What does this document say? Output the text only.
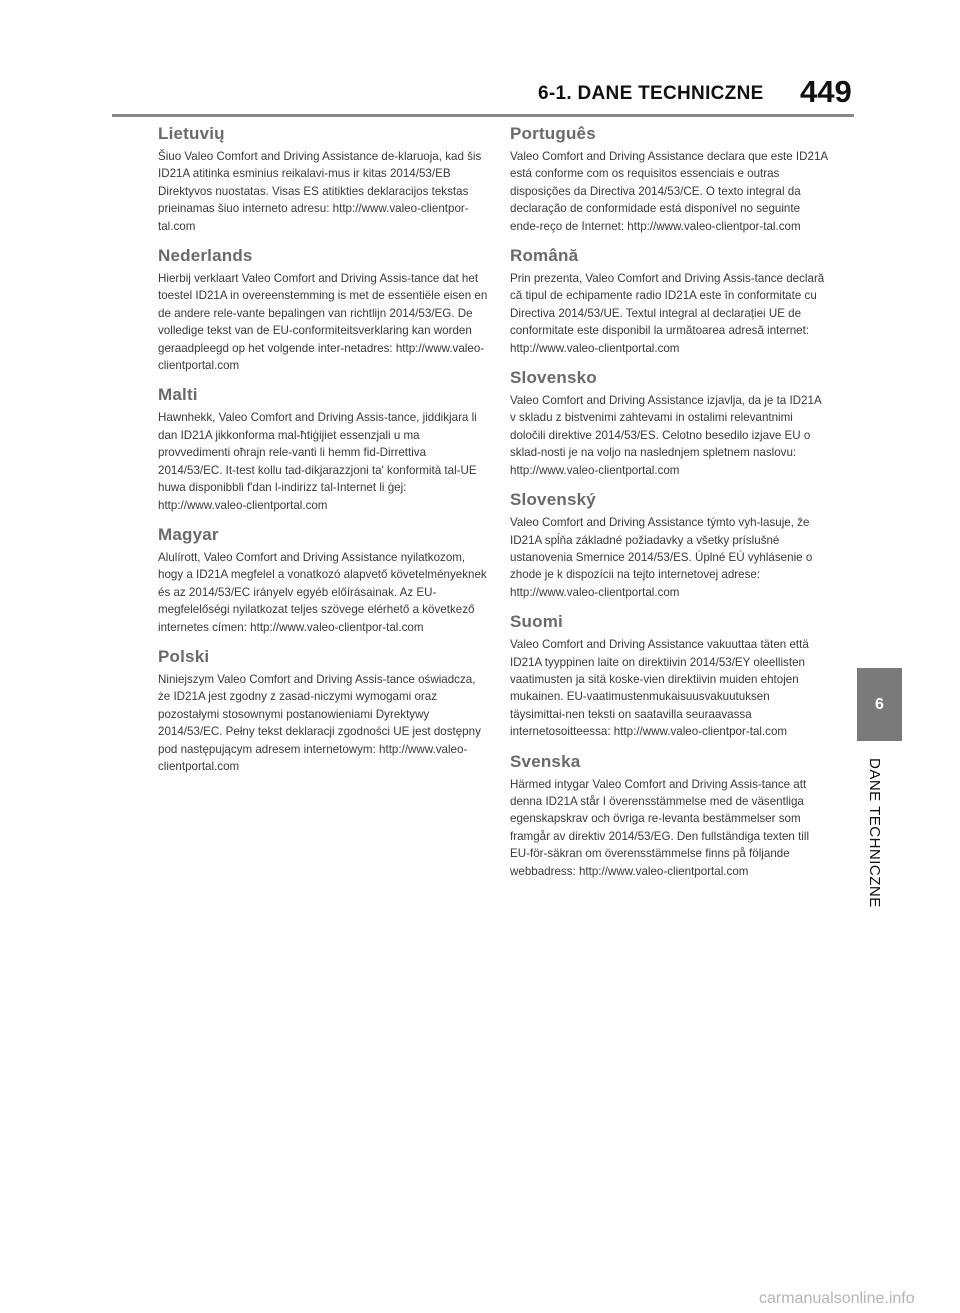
6-1. DANE TECHNICZNE 449
Lietuvių

Šiuo Valeo Comfort and Driving Assistance de-klaruoja, kad šis ID21A atitinka esminius reikalavi-mus ir kitas 2014/53/EB Direktyvos nuostatas. Visas ES atitikties deklaracijos tekstas prieinamas šiuo interneto adresu: http://www.valeo-clientpor-tal.com

Nederlands

Hierbij verklaart Valeo Comfort and Driving Assis-tance dat het toestel ID21A in overeenstemming is met de essentiële eisen en de andere rele-vante bepalingen van richtlijn 2014/53/EG. De volledige tekst van de EU-conformiteitsverklaring kan worden geraadpleegd op het volgende inter-netadres: http://www.valeo-clientportal.com

Malti

Hawnhekk, Valeo Comfort and Driving Assis-tance, jiddikjara li dan ID21A jikkonforma mal-ħtiġijiet essenzjali u ma provvedimenti oħrajn rele-vanti li hemm fid-Dirrettiva 2014/53/EC. It-test kollu tad-dikjarazzjoni ta' konformità tal-UE huwa disponibbli f'dan l-indirizz tal-Internet li ġej: http://www.valeo-clientportal.com

Magyar

Alulírott, Valeo Comfort and Driving Assistance nyilatkozom, hogy a ID21A megfelel a vonatkozó alapvető követelményeknek és az 2014/53/EC irányelv egyéb előírásainak. Az EU-megfelelőségi nyilatkozat teljes szövege elérhető a következő internetes címen: http://www.valeo-clientpor-tal.com

Polski

Niniejszym Valeo Comfort and Driving Assis-tance oświadcza, że ID21A jest zgodny z zasad-niczymi wymogami oraz pozostałymi stosownymi postanowieniami Dyrektywy 2014/53/EC. Pełny tekst deklaracji zgodności UE jest dostępny pod następującym adresem internetowym: http://www.valeo-clientportal.com

Português

Valeo Comfort and Driving Assistance declara que este ID21A está conforme com os requisitos essenciais e outras disposições da Directiva 2014/53/CE. O texto integral da declaração de conformidade está disponível no seguinte ende-reço de Internet: http://www.valeo-clientpor-tal.com

Română

Prin prezenta, Valeo Comfort and Driving Assis-tance declară că tipul de echipamente radio ID21A este în conformitate cu Directiva 2014/53/UE. Textul integral al declarației UE de conformitate este disponibil la următoarea adresă internet: http://www.valeo-clientportal.com

Slovensko

Valeo Comfort and Driving Assistance izjavlja, da je ta ID21A v skladu z bistvenimi zahtevami in ostalimi relevantnimi določili direktive 2014/53/ES. Celotno besedilo izjave EU o sklad-nosti je na voljo na naslednjem spletnem naslovu: http://www.valeo-clientportal.com

Slovenský

Valeo Comfort and Driving Assistance týmto vyh-lasuje, že ID21A spĺňa základné požiadavky a všetky príslušné ustanovenia Smernice 2014/53/ES. Úplné EÚ vyhlásenie o zhode je k dispozícii na tejto internetovej adrese: http://www.valeo-clientportal.com

Suomi

Valeo Comfort and Driving Assistance vakuuttaa täten että ID21A tyyppinen laite on direktiivin 2014/53/EY oleellisten vaatimusten ja sitä koske-vien direktiivin muiden ehtojen mukainen. EU-vaatimustenmukaisuusvakuutuksen täysimittai-nen teksti on saatavilla seuraavassa internetosoitteessa: http://www.valeo-clientpor-tal.com

Svenska

Härmed intygar Valeo Comfort and Driving Assis-tance att denna ID21A står I överensstämmelse med de väsentliga egenskapskrav och övriga re-levanta bestämmelser som framgår av direktiv 2014/53/EG. Den fullständiga texten till EU-för-säkran om överensstämmelse finns på följande webbadress: http://www.valeo-clientportal.com

6
DANE TECHNICZNE
carmanualsonline.info
